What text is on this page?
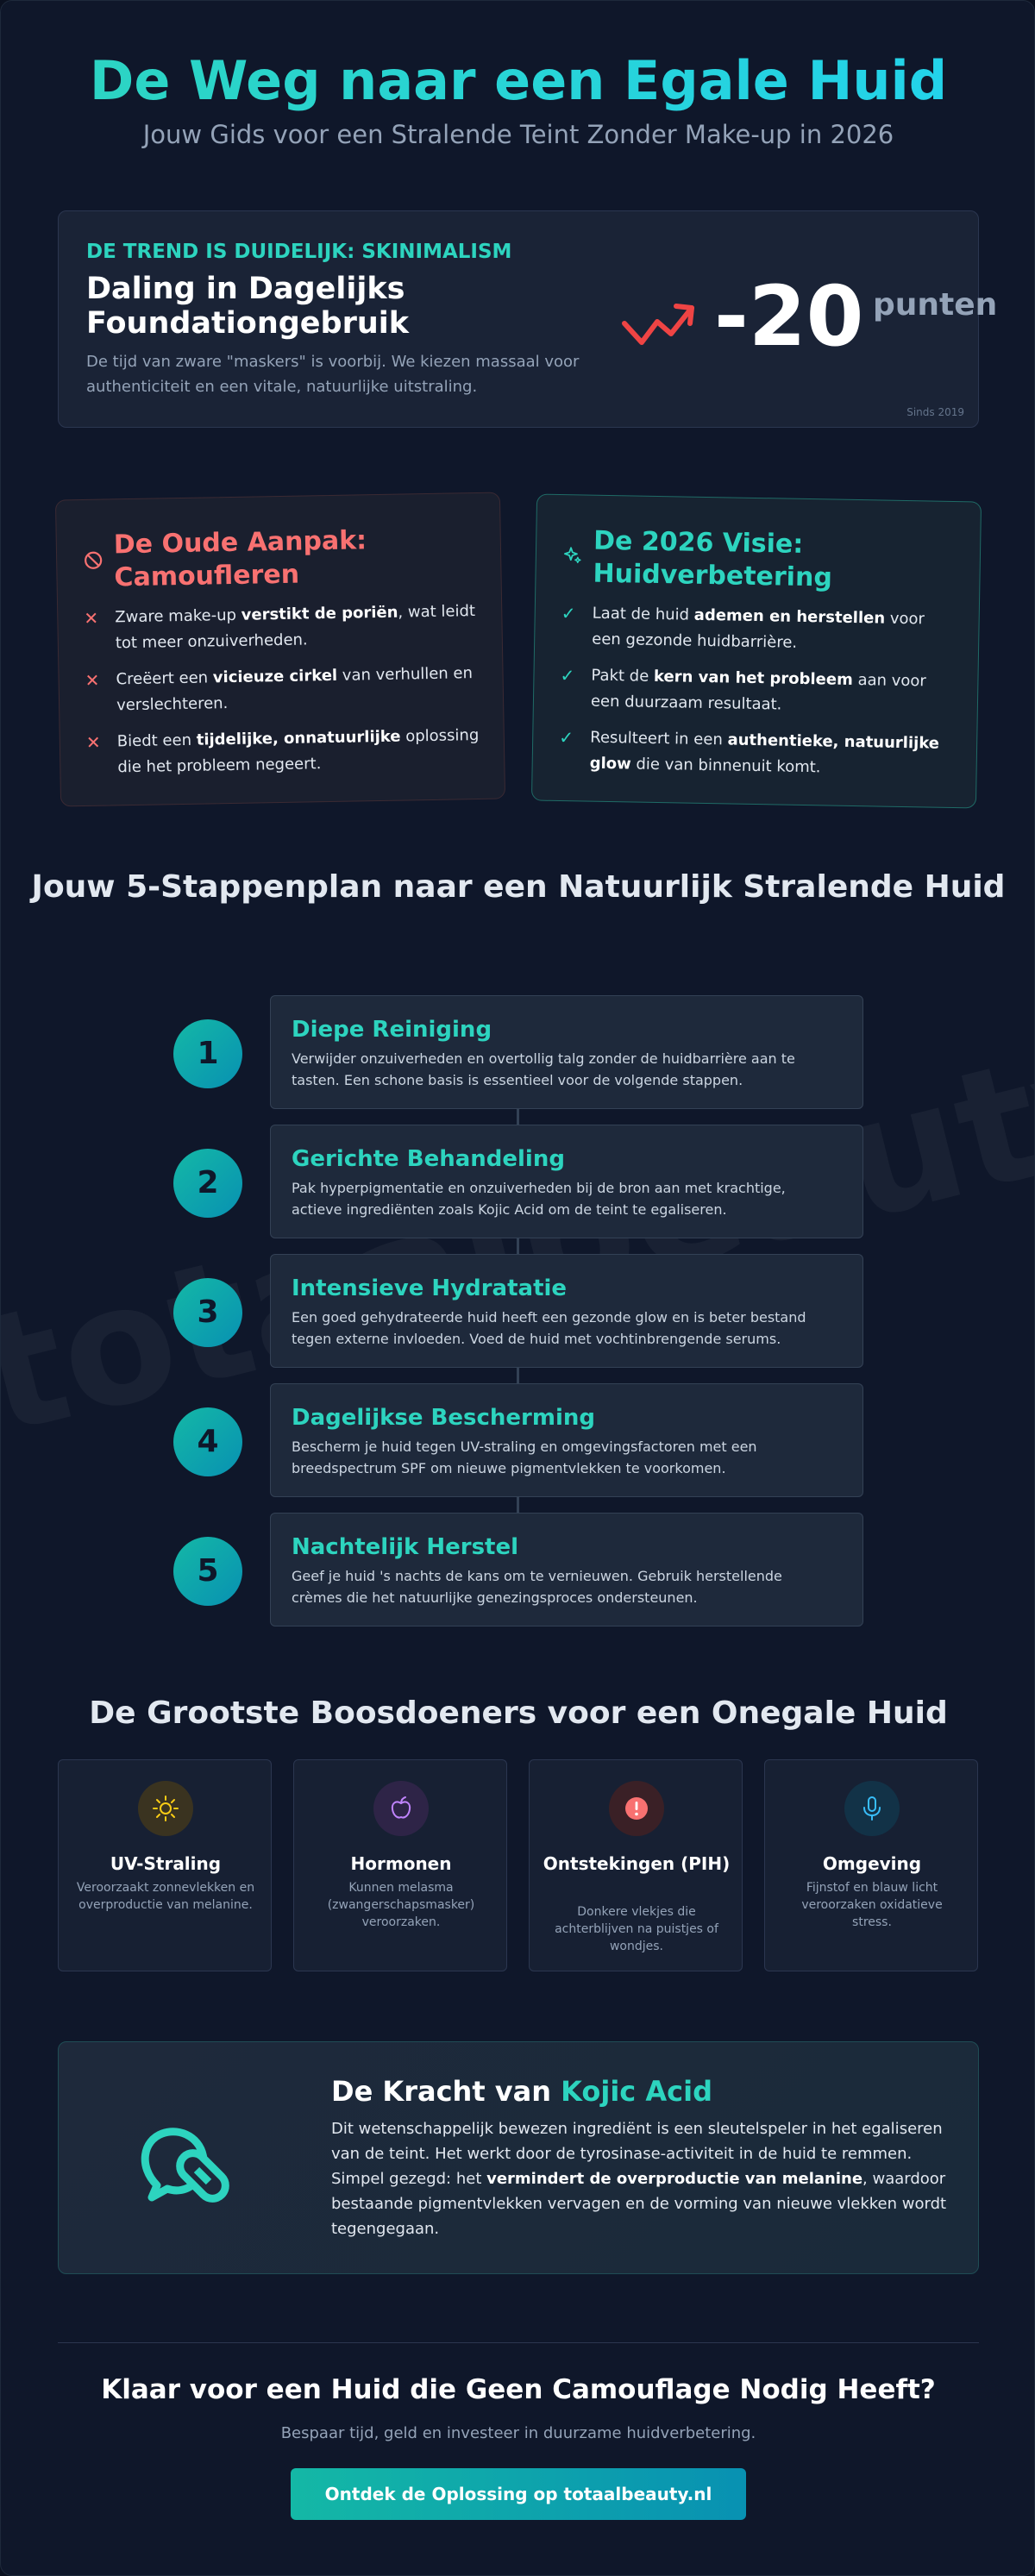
De Weg naar een Egale Huid
Jouw Gids voor een Stralende Teint Zonder Make-up in 2026
DE TREND IS DUIDELIJK: SKINIMALISM
Daling in Dagelijks Foundationgebruik
De tijd van zware "maskers" is voorbij. We kiezen massaal voor authenticiteit en een vitale, natuurlijke uitstraling.
-20 punten
Sinds 2019
De Oude Aanpak: Camoufleren
✕ Zware make-up verstikt de poriën, wat leidt tot meer onzuiverheden.
✕ Creëert een vicieuze cirkel van verhullen en verslechteren.
✕ Biedt een tijdelijke, onnatuurlijke oplossing die het probleem negeert.
De 2026 Visie: Huidverbetering
✓ Laat de huid ademen en herstellen voor een gezonde huidbarrière.
✓ Pakt de kern van het probleem aan voor een duurzaam resultaat.
✓ Resulteert in een authentieke, natuurlijke glow die van binnenuit komt.
Jouw 5-Stappenplan naar een Natuurlijk Stralende Huid
1
Diepe Reiniging
Verwijder onzuiverheden en overtollig talg zonder de huidbarrière aan te tasten. Een schone basis is essentieel voor de volgende stappen.
2
Gerichte Behandeling
Pak hyperpigmentatie en onzuiverheden bij de bron aan met krachtige, actieve ingrediënten zoals Kojic Acid om de teint te egaliseren.
3
Intensieve Hydratatie
Een goed gehydrateerde huid heeft een gezonde glow en is beter bestand tegen externe invloeden. Voed de huid met vochtinbrengende serums.
4
Dagelijkse Bescherming
Bescherm je huid tegen UV-straling en omgevingsfactoren met een breedspectrum SPF om nieuwe pigmentvlekken te voorkomen.
5
Nachtelijk Herstel
Geef je huid 's nachts de kans om te vernieuwen. Gebruik herstellende crèmes die het natuurlijke genezingsproces ondersteunen.
De Grootste Boosdoeners voor een Onegale Huid
UV-Straling
Veroorzaakt zonnevlekken en overproductie van melanine.
Hormonen
Kunnen melasma (zwangerschapsmasker) veroorzaken.
Ontstekingen (PIH)
Donkere vlekjes die achterblijven na puistjes of wondjes.
Omgeving
Fijnstof en blauw licht veroorzaken oxidatieve stress.
De Kracht van Kojic Acid
Dit wetenschappelijk bewezen ingrediënt is een sleutelspeler in het egaliseren van de teint. Het werkt door de tyrosinase-activiteit in de huid te remmen. Simpel gezegd: het vermindert de overproductie van melanine, waardoor bestaande pigmentvlekken vervagen en de vorming van nieuwe vlekken wordt tegengegaan.
Klaar voor een Huid die Geen Camouflage Nodig Heeft?
Bespaar tijd, geld en investeer in duurzame huidverbetering.
Ontdek de Oplossing op totaalbeauty.nl
